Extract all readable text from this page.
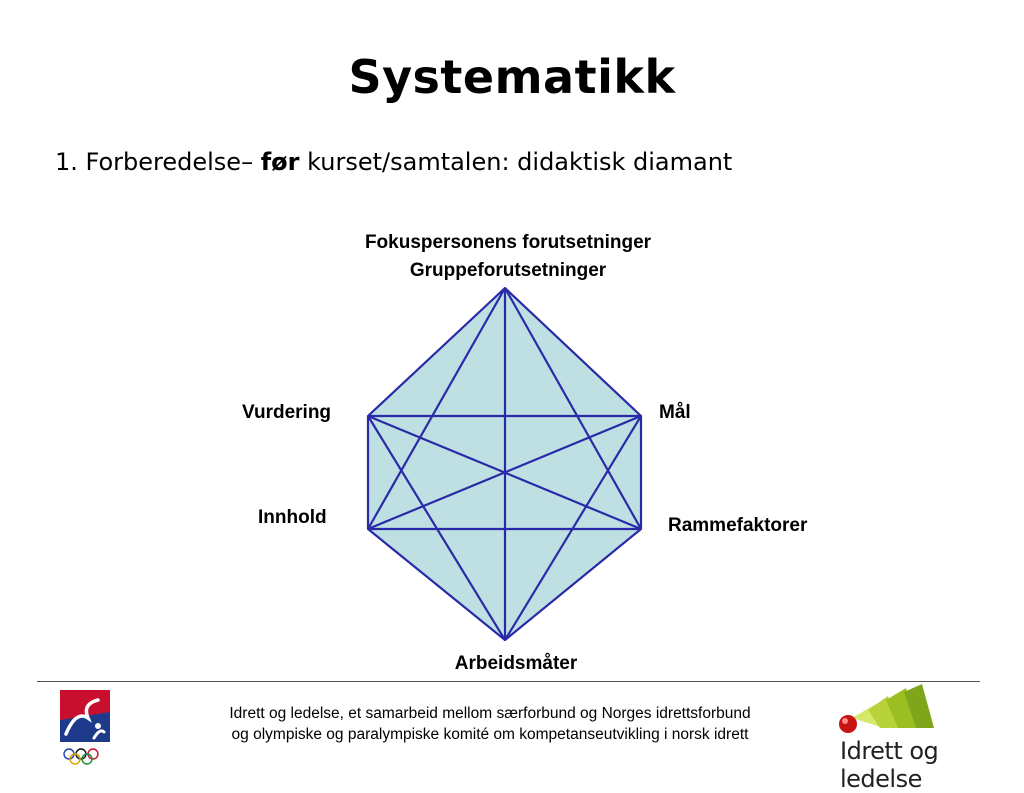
Systematikk
1. Forberedelse– før kurset/samtalen: didaktisk diamant
Fokuspersonens forutsetninger
Gruppeforutsetninger
Vurdering	Mål
Innhold	Rammefaktorer
Arbeidsmåter
Idrett og ledelse, et samarbeid mellom særforbund og Norges idrettsforbund
og olympiske og paralympiske komité om kompetanseutvikling i norsk idrett
Idrett og ledelse
